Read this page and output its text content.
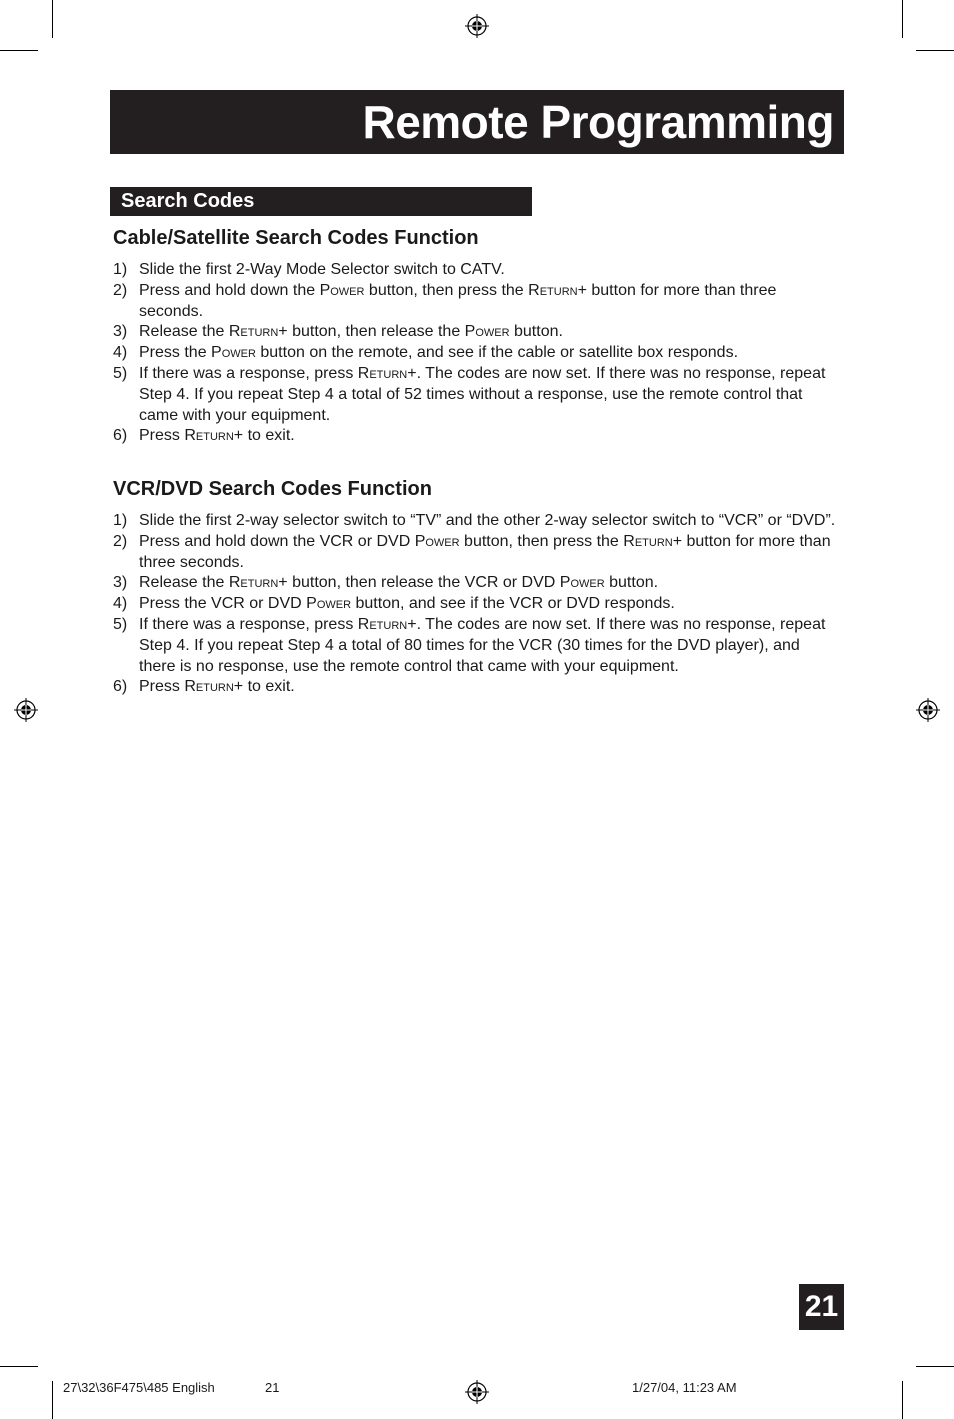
Remote Programming
Search Codes
Cable/Satellite Search Codes Function
1) Slide the first 2-Way Mode Selector switch to CATV.
2) Press and hold down the Power button, then press the Return+ button for more than three seconds.
3) Release the Return+ button, then release the Power button.
4) Press the Power button on the remote, and see if the cable or satellite box responds.
5) If there was a response, press Return+. The codes are now set. If there was no response, repeat Step 4. If you repeat Step 4 a total of 52 times without a response, use the remote control that came with your equipment.
6) Press Return+ to exit.
VCR/DVD Search Codes Function
1) Slide the first 2-way selector switch to “TV” and the other 2-way selector switch to “VCR” or “DVD”.
2) Press and hold down the VCR or DVD Power button, then press the Return+ button for more than three seconds.
3) Release the Return+ button, then release the VCR or DVD Power button.
4) Press the VCR or DVD Power button, and see if the VCR or DVD responds.
5) If there was a response, press Return+. The codes are now set. If there was no response, repeat Step 4. If you repeat Step 4 a total of 80 times for the VCR (30 times for the DVD player), and there is no response, use the remote control that came with your equipment.
6) Press Return+ to exit.
21
27\32\36F475\485 English	21	1/27/04, 11:23 AM
